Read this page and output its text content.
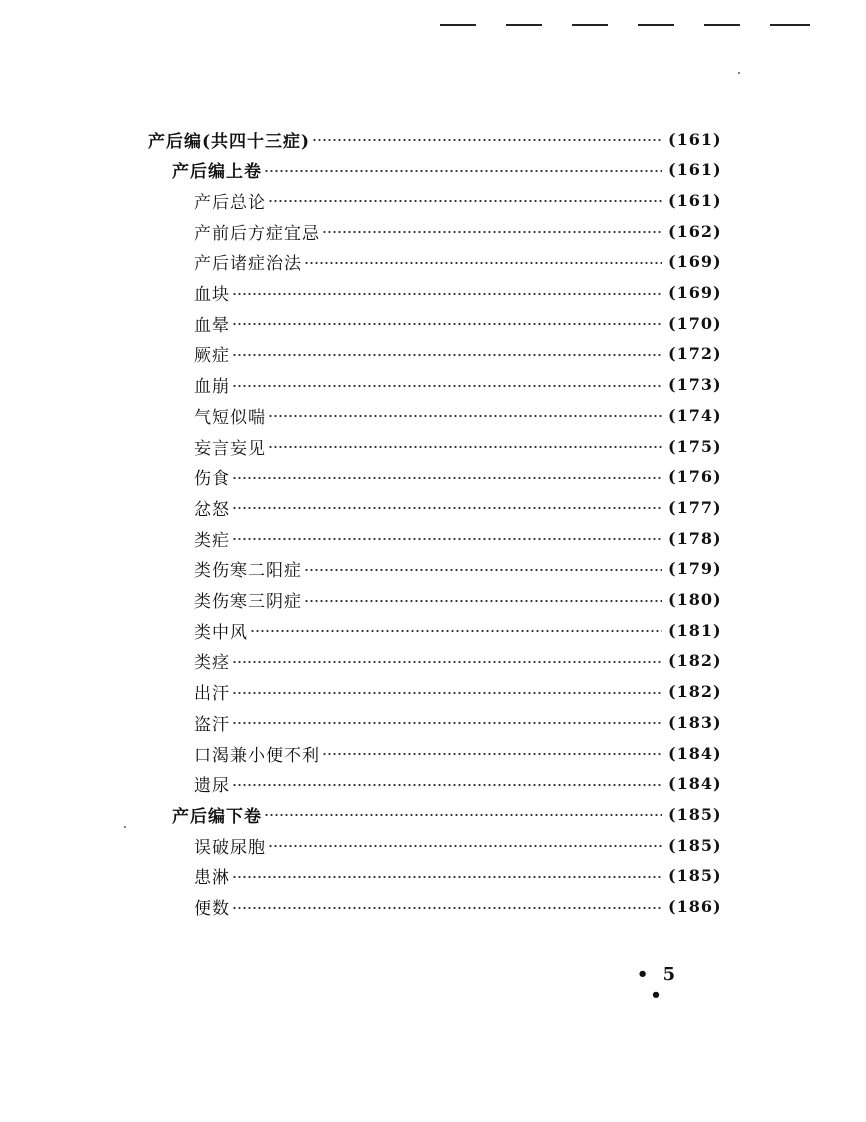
产后编(共四十三症)	(161)
产后编上卷	(161)
产后总论	(161)
产前后方症宜忌	(162)
产后诸症治法	(169)
血块	(169)
血晕	(170)
厥症	(172)
血崩	(173)
气短似喘	(174)
妄言妄见	(175)
伤食	(176)
忿怒	(177)
类疟	(178)
类伤寒二阳症	(179)
类伤寒三阴症	(180)
类中风	(181)
类痉	(182)
出汗	(182)
盗汗	(183)
口渴兼小便不利	(184)
遗尿	(184)
产后编下卷	(185)
误破尿胞	(185)
患淋	(185)
便数	(186)
• 5 •
